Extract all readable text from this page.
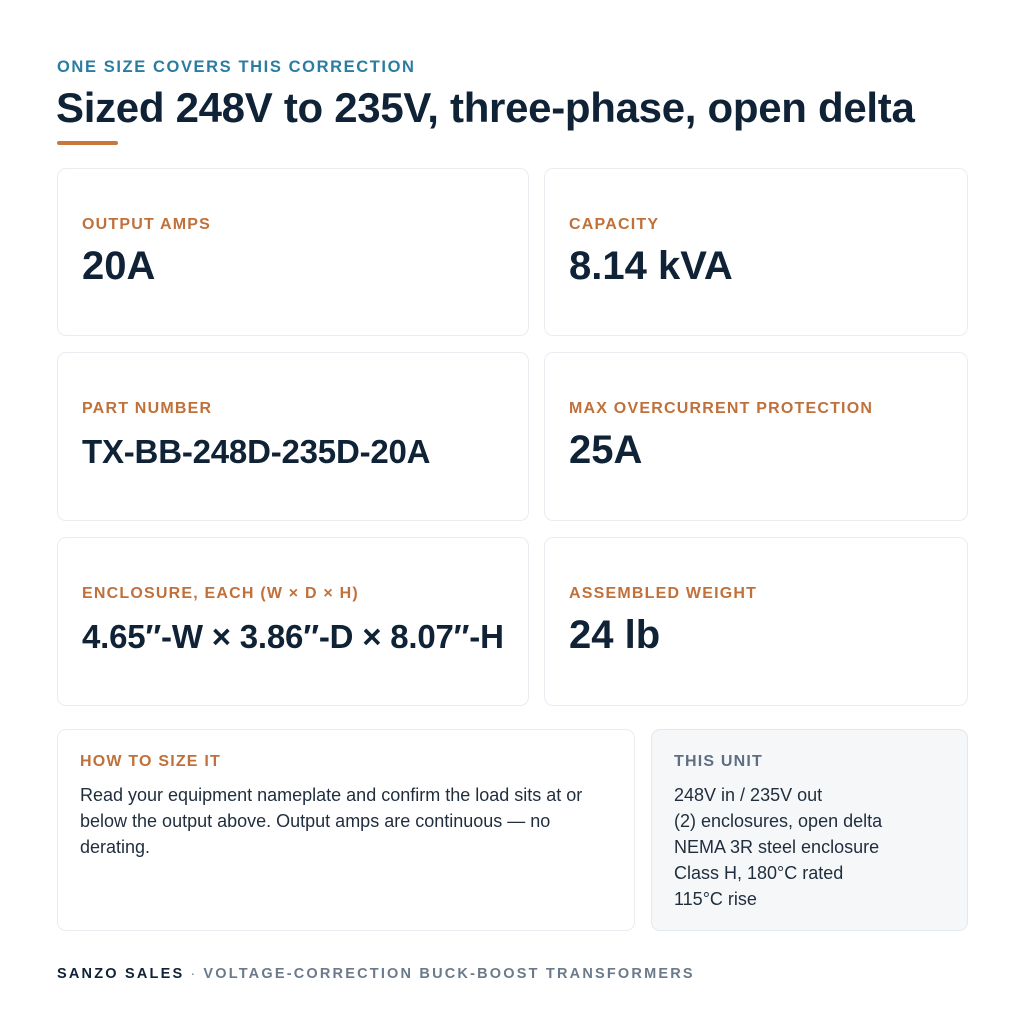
ONE SIZE COVERS THIS CORRECTION
Sized 248V to 235V, three-phase, open delta
OUTPUT AMPS
20A
CAPACITY
8.14 kVA
PART NUMBER
TX-BB-248D-235D-20A
MAX OVERCURRENT PROTECTION
25A
ENCLOSURE, EACH (W × D × H)
4.65″-W × 3.86″-D × 8.07″-H
ASSEMBLED WEIGHT
24 lb
HOW TO SIZE IT

Read your equipment nameplate and confirm the load sits at or below the output above. Output amps are continuous — no derating.

THIS UNIT
248V in / 235V out
(2) enclosures, open delta
NEMA 3R steel enclosure
Class H, 180°C rated
115°C rise
SANZO SALES · VOLTAGE-CORRECTION BUCK-BOOST TRANSFORMERS
